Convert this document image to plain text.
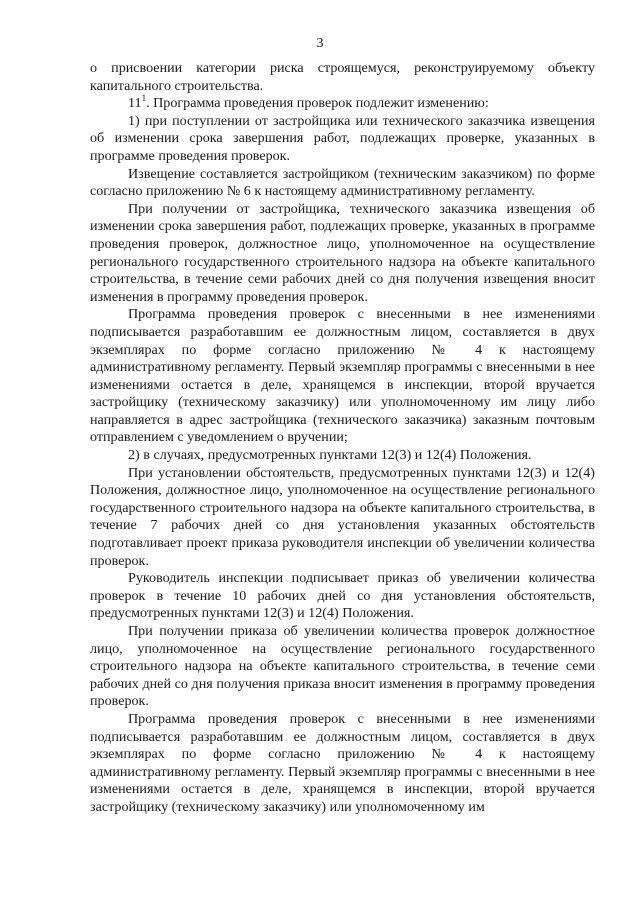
3

о присвоении категории риска строящемуся, реконструируемому объекту капитального строительства.

$11^1$. Программа проведения проверок подлежит изменению:

1) при поступлении от застройщика или технического заказчика извещения об изменении срока завершения работ, подлежащих проверке, указанных в программе проведения проверок.

Извещение составляется застройщиком (техническим заказчиком) по форме согласно приложению № 6 к настоящему административному регламенту.

При получении от застройщика, технического заказчика извещения об изменении срока завершения работ, подлежащих проверке, указанных в программе проведения проверок, должностное лицо, уполномоченное на осуществление регионального государственного строительного надзора на объекте капитального строительства, в течение семи рабочих дней со дня получения извещения вносит изменения в программу проведения проверок.

Программа проведения проверок с внесенными в нее изменениями подписывается разработавшим ее должностным лицом, составляется в двух экземплярах по форме согласно приложению № 4 к настоящему административному регламенту. Первый экземпляр программы с внесенными в нее изменениями остается в деле, хранящемся в инспекции, второй вручается застройщику (техническому заказчику) или уполномоченному им лицу либо направляется в адрес застройщика (технического заказчика) заказным почтовым отправлением с уведомлением о вручении;

2) в случаях, предусмотренных пунктами 12(3) и 12(4) Положения.

При установлении обстоятельств, предусмотренных пунктами 12(3) и 12(4) Положения, должностное лицо, уполномоченное на осуществление регионального государственного строительного надзора на объекте капитального строительства, в течение 7 рабочих дней со дня установления указанных обстоятельств подготавливает проект приказа руководителя инспекции об увеличении количества проверок.

Руководитель инспекции подписывает приказ об увеличении количества проверок в течение 10 рабочих дней со дня установления обстоятельств, предусмотренных пунктами 12(3) и 12(4) Положения.

При получении приказа об увеличении количества проверок должностное лицо, уполномоченное на осуществление регионального государственного строительного надзора на объекте капитального строительства, в течение семи рабочих дней со дня получения приказа вносит изменения в программу проведения проверок.

Программа проведения проверок с внесенными в нее изменениями подписывается разработавшим ее должностным лицом, составляется в двух экземплярах по форме согласно приложению № 4 к настоящему административному регламенту. Первый экземпляр программы с внесенными в нее изменениями остается в деле, хранящемся в инспекции, второй вручается застройщику (техническому заказчику) или уполномоченному им
